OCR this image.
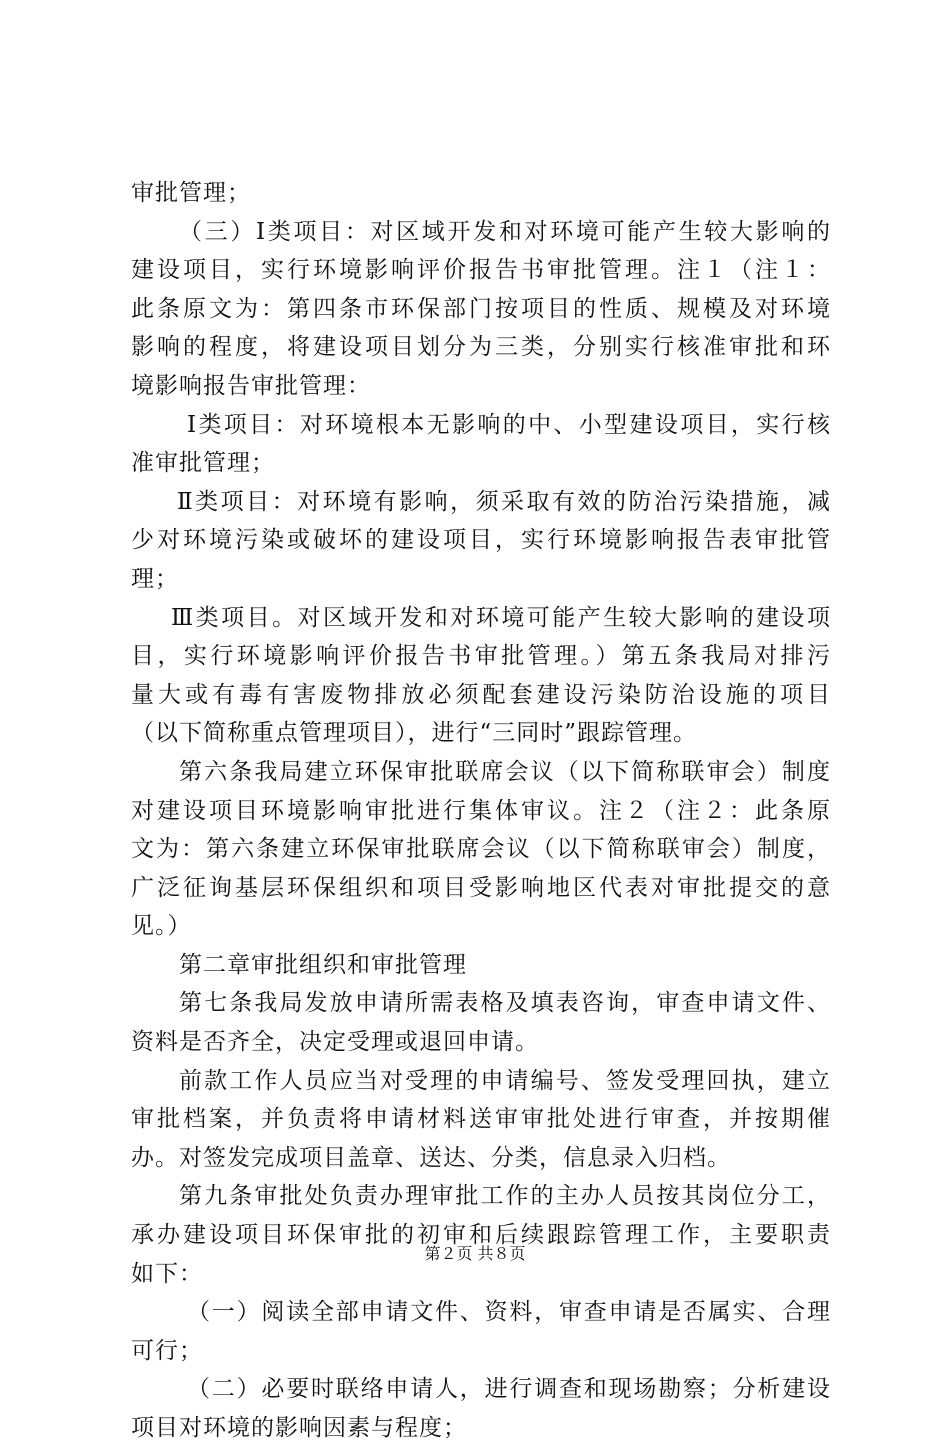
审批管理；
（三）Ⅰ类项目：对区域开发和对环境可能产生较大影响的
建设项目，实行环境影响评价报告书审批管理。注１（注１：
此条原文为：第四条市环保部门按项目的性质、规模及对环境
影响的程度，将建设项目划分为三类，分别实行核准审批和环
境影响报告审批管理：
Ⅰ类项目：对环境根本无影响的中、小型建设项目，实行核
准审批管理；
Ⅱ类项目：对环境有影响，须采取有效的防治污染措施，减
少对环境污染或破坏的建设项目，实行环境影响报告表审批管
理；
Ⅲ类项目。对区域开发和对环境可能产生较大影响的建设项
目，实行环境影响评价报告书审批管理。）第五条我局对排污
量大或有毒有害废物排放必须配套建设污染防治设施的项目
（以下简称重点管理项目），进行“三同时”跟踪管理。
第六条我局建立环保审批联席会议（以下简称联审会）制度
对建设项目环境影响审批进行集体审议。注２（注２：此条原
文为：第六条建立环保审批联席会议（以下简称联审会）制度，
广泛征询基层环保组织和项目受影响地区代表对审批提交的意
见。）
第二章审批组织和审批管理
第七条我局发放申请所需表格及填表咨询，审查申请文件、
资料是否齐全，决定受理或退回申请。
前款工作人员应当对受理的申请编号、签发受理回执，建立
审批档案，并负责将申请材料送审审批处进行审查，并按期催
办。对签发完成项目盖章、送达、分类，信息录入归档。
第九条审批处负责办理审批工作的主办人员按其岗位分工，
承办建设项目环保审批的初审和后续跟踪管理工作，主要职责
如下：
（一）阅读全部申请文件、资料，审查申请是否属实、合理
可行；
（二）必要时联络申请人，进行调查和现场勘察；分析建设
项目对环境的影响因素与程度；
第２页 共８页
